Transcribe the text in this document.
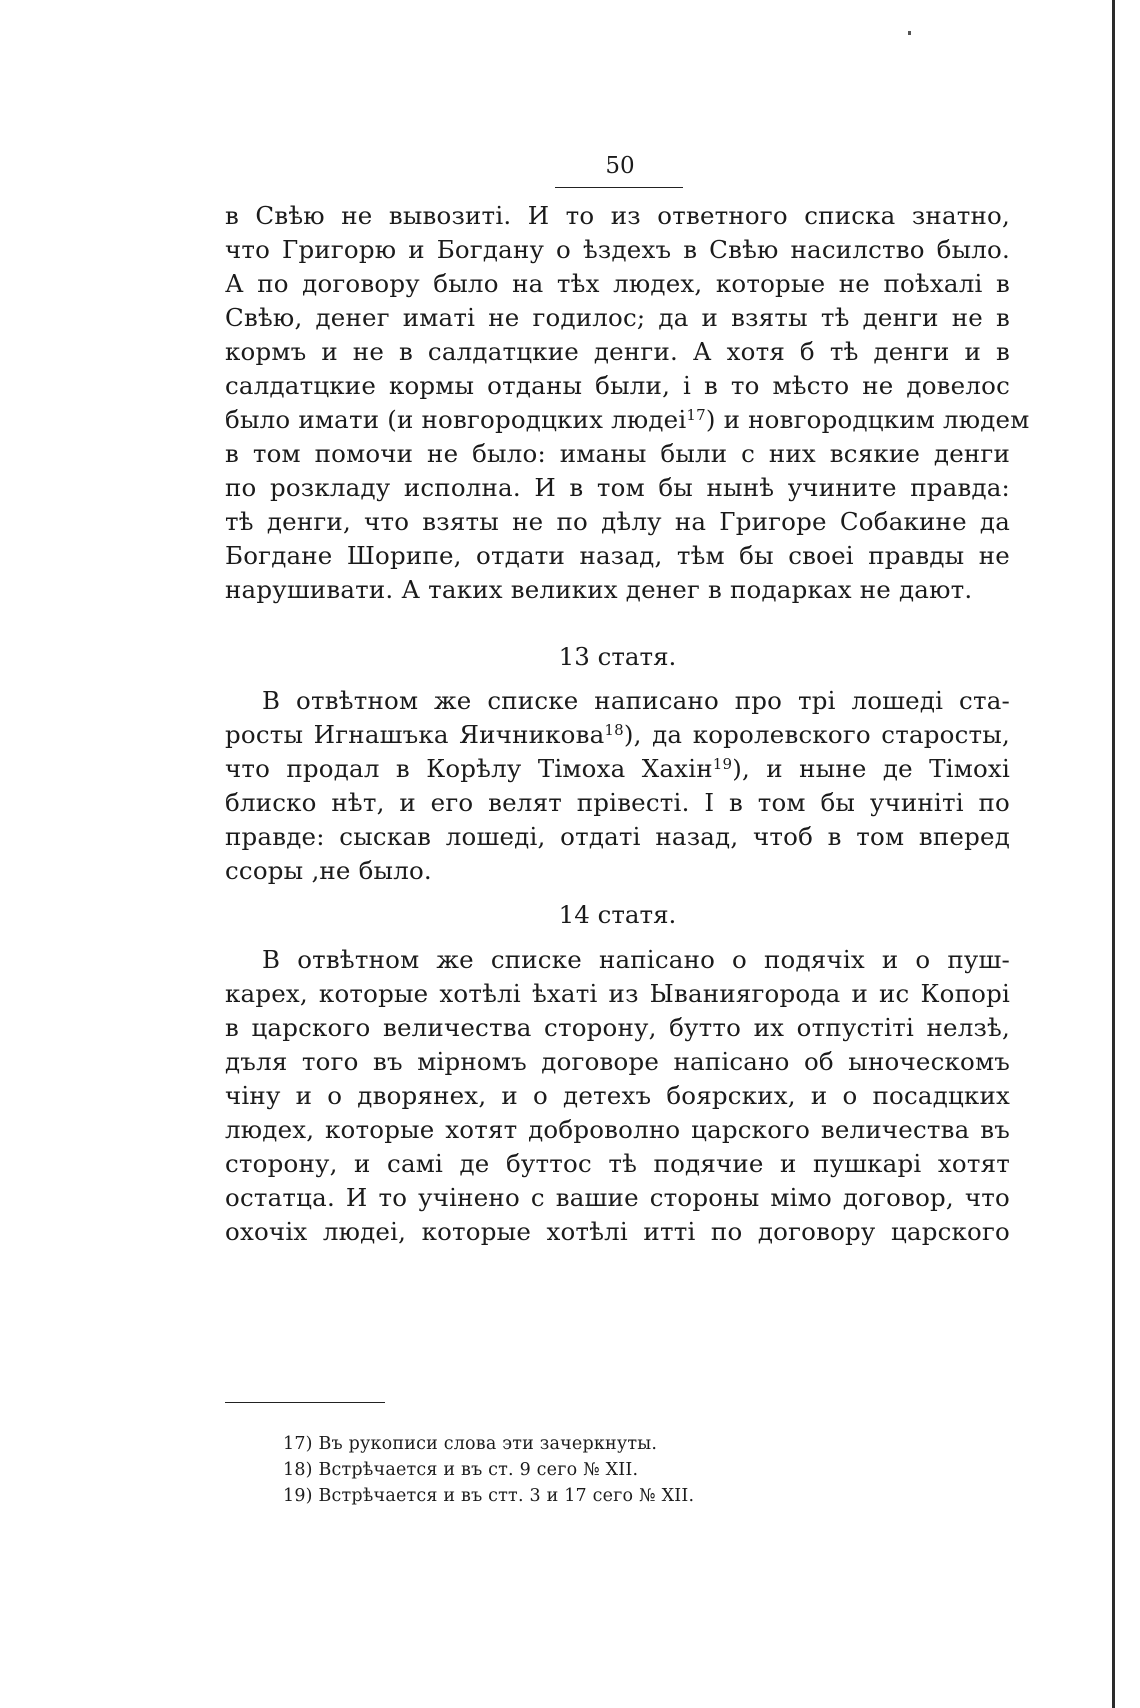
50
в Свѣю не вывозиті. И то из ответного списка знатно,
что Григорю и Богдану о ѣздехъ в Свѣю насилство было.
А по договору было на тѣх людех, которые не поѣхалі в
Свѣю, денег иматі не годилос; да и взяты тѣ денги не в
кормъ и не в салдатцкие денги. А хотя б тѣ денги и в
салдатцкие кормы отданы были, і в то мѣсто не довелос
было имати (и новгородцких людеі$^{17}$) и новгородцким людем
в том помочи не было: иманы были с них всякие денги
по розкладу исполна. И в том бы нынѣ учините правда:
тѣ денги, что взяты не по дѣлу на Григоре Собакине да
Богдане Шорипе, отдати назад, тѣм бы своеі правды не
нарушивати. А таких великих денег в подарках не дают.
13 статя.
В отвѣтном же списке написано про трі лошеді ста-
росты Игнашъка Яичникова$^{18}$), да королевского старосты,
что продал в Корѣлу Тімоха Хахін$^{19}$), и ныне де Тімохі
блиско нѣт, и его велят прівесті. I в том бы учиніті по
правде: сыскав лошеді, отдаті назад, чтоб в том вперед
ссоры ‚не было.
14 статя.
В отвѣтном же списке напісано о подячіх и о пуш-
карех, которые хотѣлі ѣхаті из Ываниягорода и ис Копорі
в царского величества сторону, бутто их отпустіті нелзѣ,
дъля того въ мірномъ договоре напісано об ыноческомъ
чіну и о дворянех, и о детехъ боярских, и о посадцких
людех, которые хотят доброволно царского величества въ
сторону, и самі де буттос тѣ подячие и пушкарі хотят
остатца. И то учінено с вашие стороны мімо договор, что
охочіх людеі, которые хотѣлі итті по договору царского
17) Въ рукописи слова эти зачеркнуты.
18) Встрѣчается и въ ст. 9 сего № XII.
19) Встрѣчается и въ стт. 3 и 17 сего № XII.
